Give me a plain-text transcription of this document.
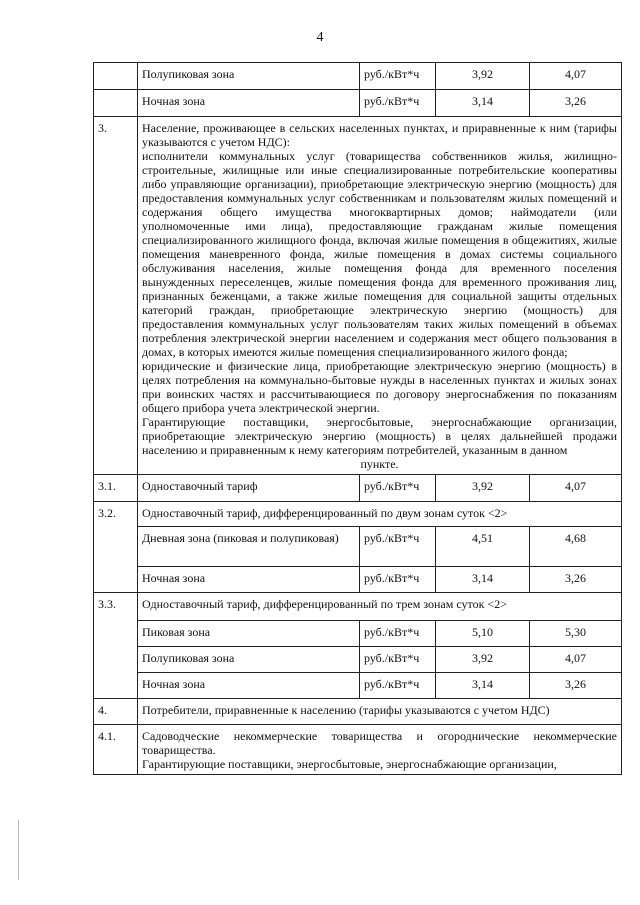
4
	Полупиковая зона	руб./кВт*ч	3,92	4,07
	Ночная зона	руб./кВт*ч	3,14	3,26
3.	Население, проживающее в сельских населенных пунктах, и приравненные к ним (тарифы указываются с учетом НДС):
исполнители коммунальных услуг (товарищества собственников жилья, жилищно-строительные, жилищные или иные специализированные потребительские кооперативы либо управляющие организации), приобретающие электрическую энергию (мощность) для предоставления коммунальных услуг собственникам и пользователям жилых помещений и содержания общего имущества многоквартирных домов; наймодатели (или уполномоченные ими лица), предоставляющие гражданам жилые помещения специализированного жилищного фонда, включая жилые помещения в общежитиях, жилые помещения маневренного фонда, жилые помещения в домах системы социального обслуживания населения, жилые помещения фонда для временного поселения вынужденных переселенцев, жилые помещения фонда для временного проживания лиц, признанных беженцами, а также жилые помещения для социальной защиты отдельных категорий граждан, приобретающие электрическую энергию (мощность) для предоставления коммунальных услуг пользователям таких жилых помещений в объемах потребления электрической энергии населением и содержания мест общего пользования в домах, в которых имеются жилые помещения специализированного жилого фонда;
юридические и физические лица, приобретающие электрическую энергию (мощность) в целях потребления на коммунально-бытовые нужды в населенных пунктах и жилых зонах при воинских частях и рассчитывающиеся по договору энергоснабжения по показаниям общего прибора учета электрической энергии.
Гарантирующие поставщики, энергосбытовые, энергоснабжающие организации, приобретающие электрическую энергию (мощность) в целях дальнейшей продажи населению и приравненным к нему категориям потребителей, указанным в данном
пункте.			

3.1.	Одноставочный тариф	руб./кВт*ч	3,92	4,07
3.2.	Одноставочный тариф, дифференцированный по двум зонам суток <2>			
	Дневная зона (пиковая и полупиковая)	руб./кВт*ч	4,51	4,68
	Ночная зона	руб./кВт*ч	3,14	3,26
3.3.	Одноставочный тариф, дифференцированный по трем зонам суток <2>			
	Пиковая зона	руб./кВт*ч	5,10	5,30
	Полупиковая зона	руб./кВт*ч	3,92	4,07
	Ночная зона	руб./кВт*ч	3,14	3,26
4.	Потребители, приравненные к населению (тарифы указываются с учетом НДС)			
4.1.	Садоводческие некоммерческие товарищества и огороднические некоммерческие товарищества.
Гарантирующие поставщики, энергосбытовые, энергоснабжающие организации,			
